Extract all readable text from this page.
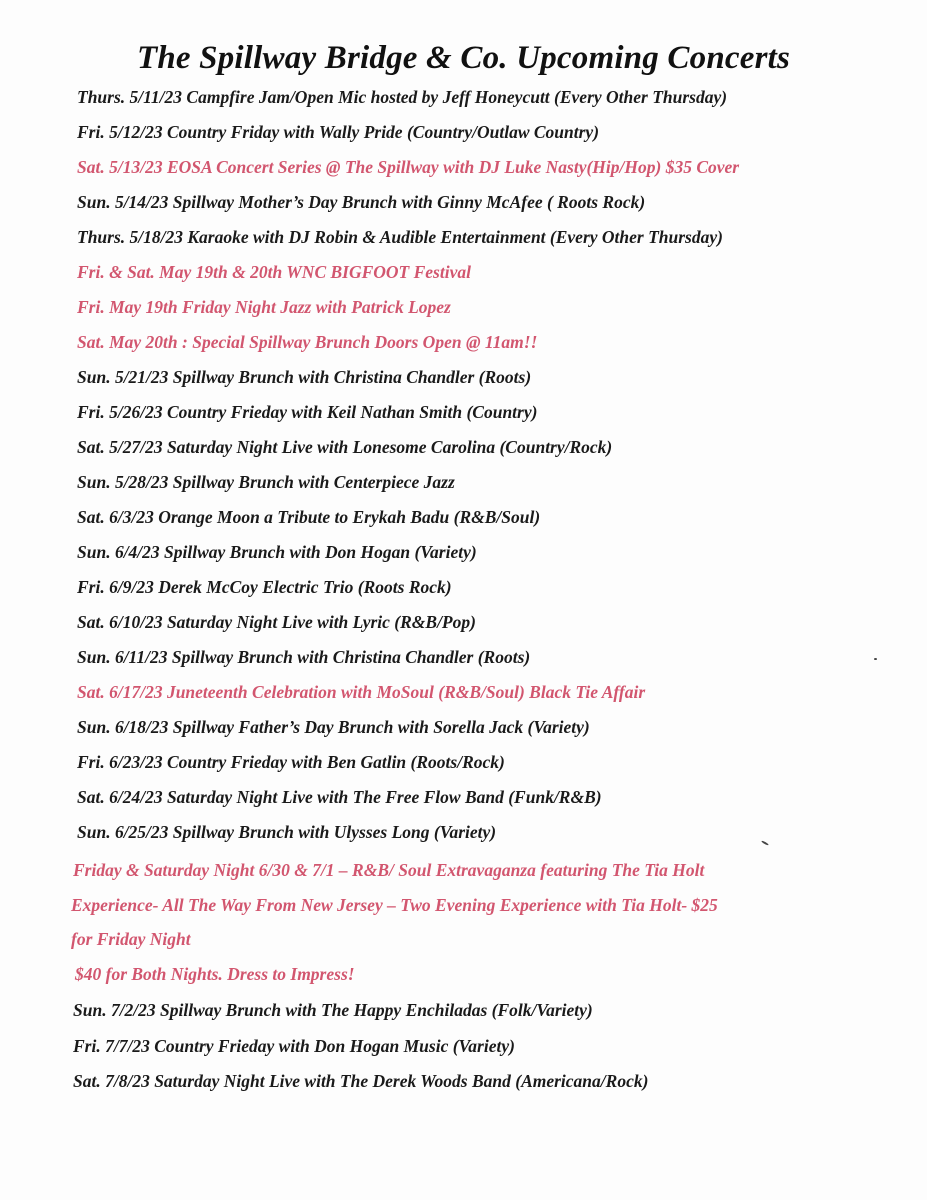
The Spillway Bridge & Co. Upcoming Concerts
Thurs. 5/11/23 Campfire Jam/Open Mic hosted by Jeff Honeycutt (Every Other Thursday)
Fri. 5/12/23 Country Friday with Wally Pride (Country/Outlaw Country)
Sat. 5/13/23 EOSA Concert Series @ The Spillway with DJ Luke Nasty(Hip/Hop) $35 Cover
Sun. 5/14/23 Spillway Mother’s Day Brunch with Ginny McAfee ( Roots Rock)
Thurs. 5/18/23 Karaoke with DJ Robin & Audible Entertainment (Every Other Thursday)
Fri. & Sat. May 19th & 20th WNC BIGFOOT Festival
Fri. May 19th Friday Night Jazz with Patrick Lopez
Sat. May 20th : Special Spillway Brunch Doors Open @ 11am!!
Sun. 5/21/23 Spillway Brunch with Christina Chandler (Roots)
Fri. 5/26/23 Country Frieday with Keil Nathan Smith (Country)
Sat. 5/27/23 Saturday Night Live with Lonesome Carolina (Country/Rock)
Sun. 5/28/23 Spillway Brunch with Centerpiece Jazz
Sat. 6/3/23 Orange Moon a Tribute to Erykah Badu (R&B/Soul)
Sun. 6/4/23 Spillway Brunch with Don Hogan (Variety)
Fri. 6/9/23 Derek McCoy Electric Trio (Roots Rock)
Sat. 6/10/23 Saturday Night Live with Lyric (R&B/Pop)
Sun. 6/11/23 Spillway Brunch with Christina Chandler (Roots)
Sat. 6/17/23 Juneteenth Celebration with MoSoul (R&B/Soul) Black Tie Affair
Sun. 6/18/23 Spillway Father’s Day Brunch with Sorella Jack (Variety)
Fri. 6/23/23 Country Frieday with Ben Gatlin (Roots/Rock)
Sat. 6/24/23 Saturday Night Live with The Free Flow Band (Funk/R&B)
Sun. 6/25/23 Spillway Brunch with Ulysses Long (Variety)
Friday & Saturday Night 6/30 & 7/1 – R&B/ Soul Extravaganza featuring The Tia Holt
Experience- All The Way From New Jersey – Two Evening Experience with Tia Holt- $25
for Friday Night
$40 for Both Nights. Dress to Impress!
Sun. 7/2/23 Spillway Brunch with The Happy Enchiladas (Folk/Variety)
Fri. 7/7/23 Country Frieday with Don Hogan Music (Variety)
Sat. 7/8/23 Saturday Night Live with The Derek Woods Band (Americana/Rock)
